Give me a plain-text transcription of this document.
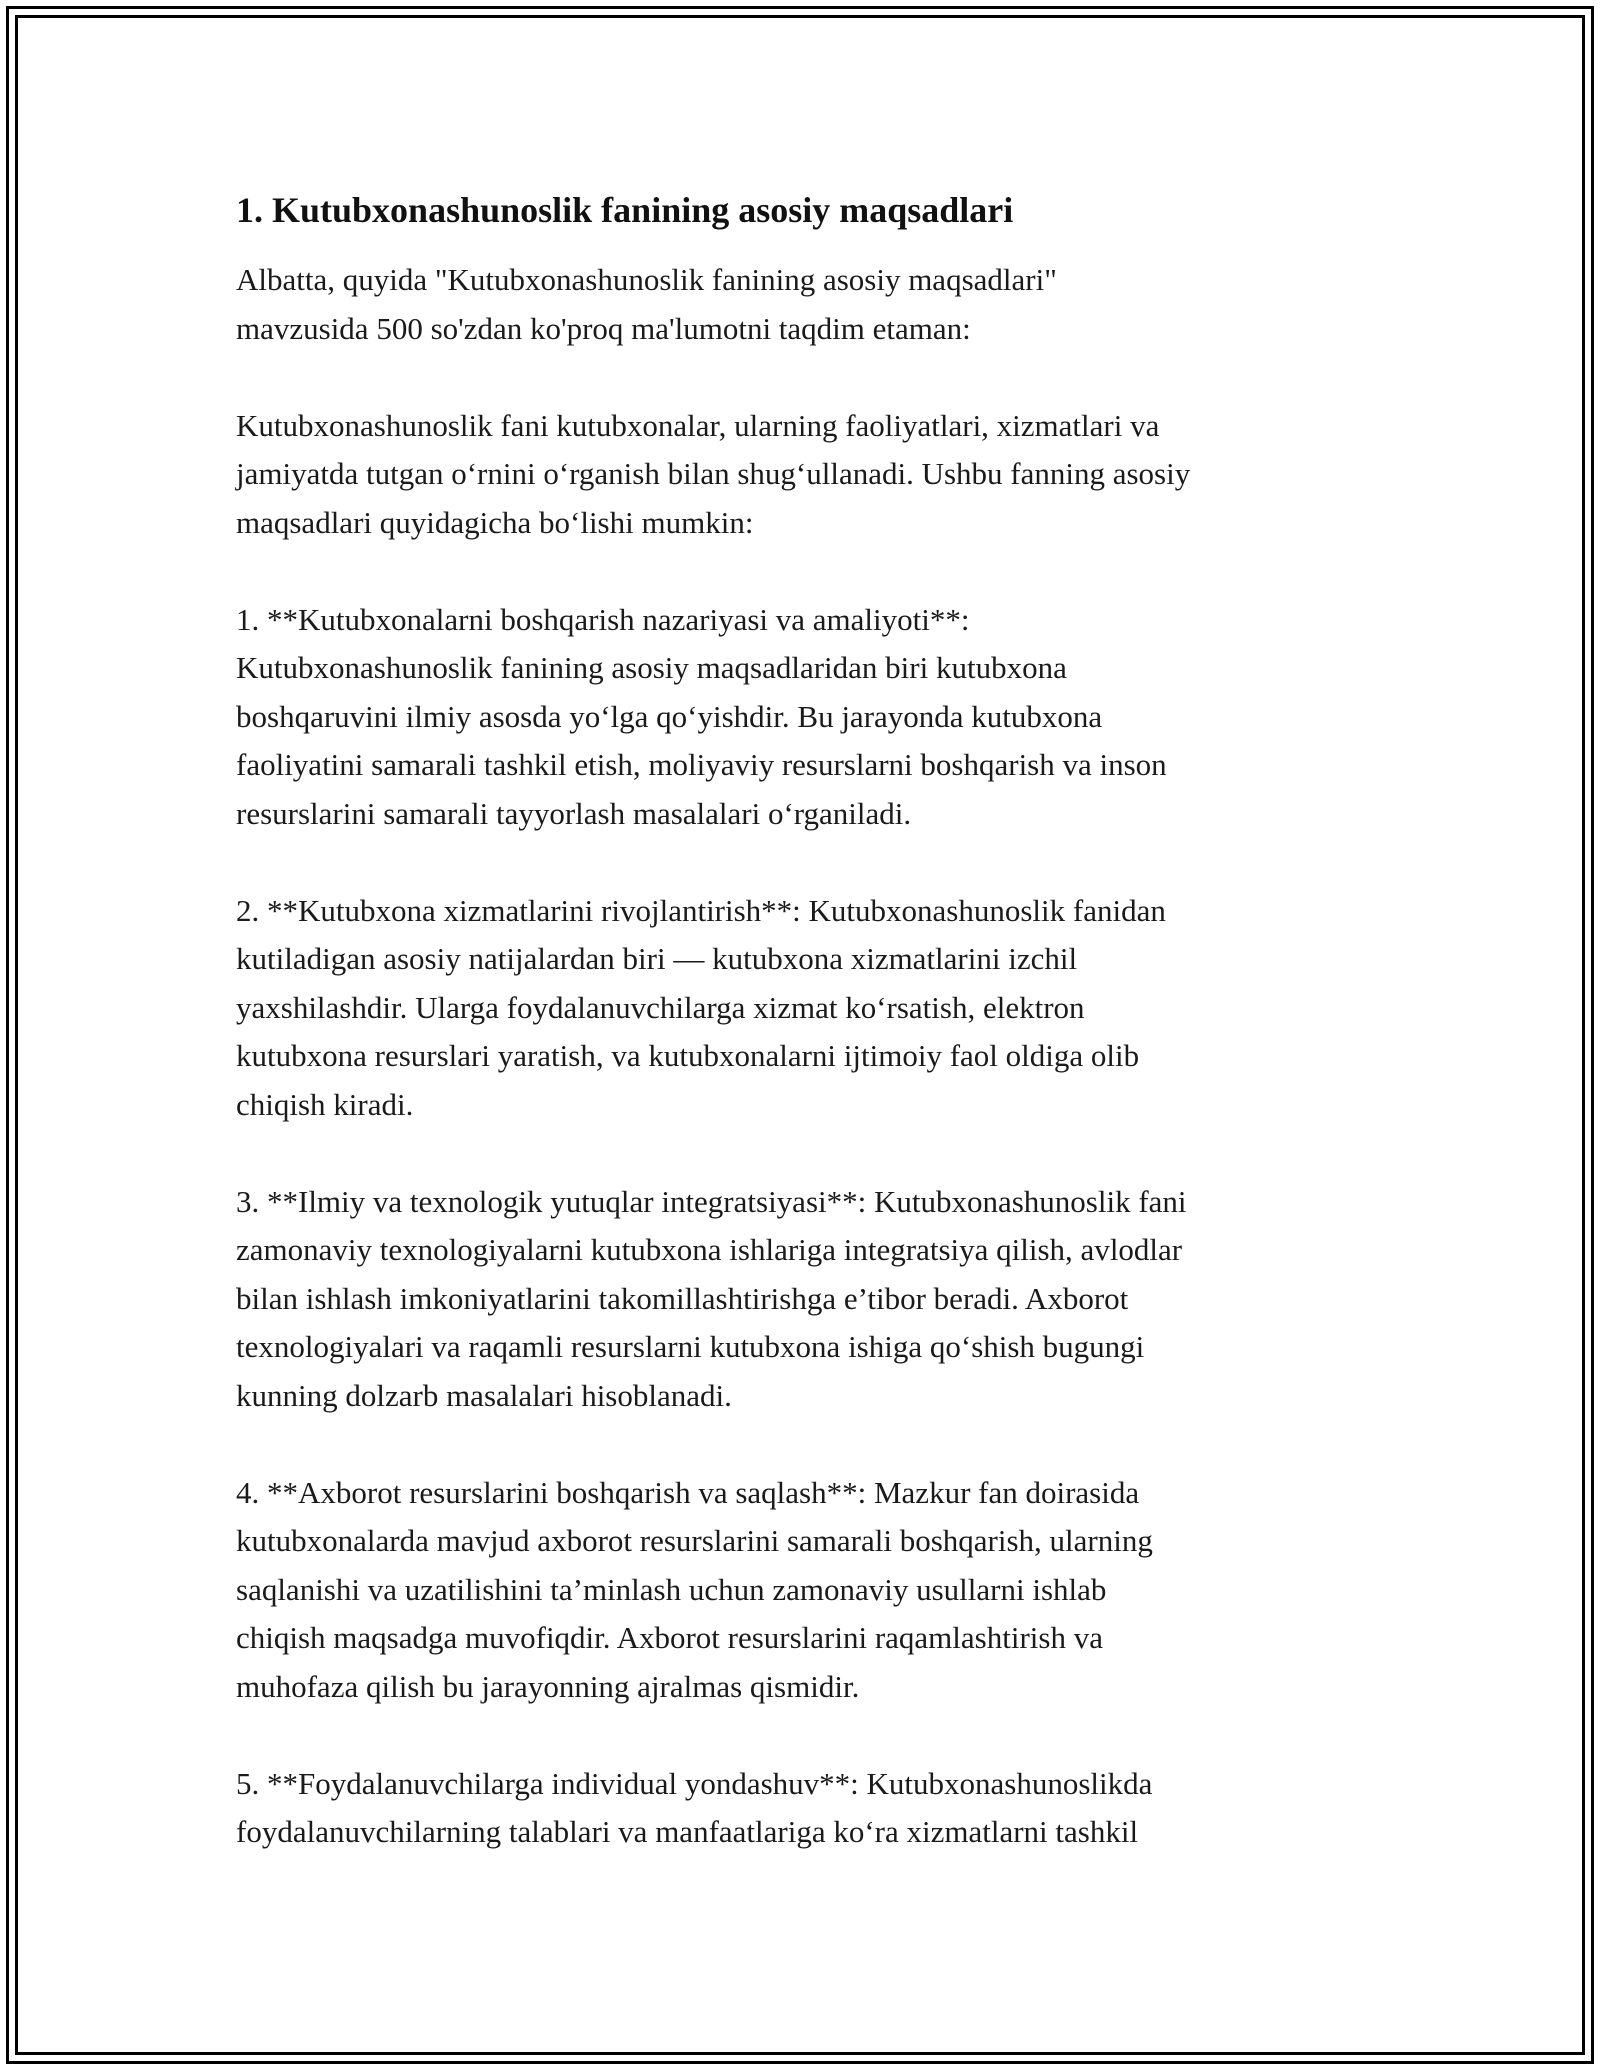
1. Kutubxonashunoslik fanining asosiy maqsadlari

Albatta, quyida "Kutubxonashunoslik fanining asosiy maqsadlari"
mavzusida 500 so'zdan ko'proq ma'lumotni taqdim etaman:

Kutubxonashunoslik fani kutubxonalar, ularning faoliyatlari, xizmatlari va
jamiyatda tutgan oʻrnini oʻrganish bilan shugʻullanadi. Ushbu fanning asosiy
maqsadlari quyidagicha boʻlishi mumkin:

1. **Kutubxonalarni boshqarish nazariyasi va amaliyoti**:
Kutubxonashunoslik fanining asosiy maqsadlaridan biri kutubxona
boshqaruvini ilmiy asosda yoʻlga qoʻyishdir. Bu jarayonda kutubxona
faoliyatini samarali tashkil etish, moliyaviy resurslarni boshqarish va inson
resurslarini samarali tayyorlash masalalari oʻrganiladi.

2. **Kutubxona xizmatlarini rivojlantirish**: Kutubxonashunoslik fanidan
kutiladigan asosiy natijalardan biri — kutubxona xizmatlarini izchil
yaxshilashdir. Ularga foydalanuvchilarga xizmat koʻrsatish, elektron
kutubxona resurslari yaratish, va kutubxonalarni ijtimoiy faol oldiga olib
chiqish kiradi.

3. **Ilmiy va texnologik yutuqlar integratsiyasi**: Kutubxonashunoslik fani
zamonaviy texnologiyalarni kutubxona ishlariga integratsiya qilish, avlodlar
bilan ishlash imkoniyatlarini takomillashtirishga e’tibor beradi. Axborot
texnologiyalari va raqamli resurslarni kutubxona ishiga qoʻshish bugungi
kunning dolzarb masalalari hisoblanadi.

4. **Axborot resurslarini boshqarish va saqlash**: Mazkur fan doirasida
kutubxonalarda mavjud axborot resurslarini samarali boshqarish, ularning
saqlanishi va uzatilishini ta’minlash uchun zamonaviy usullarni ishlab
chiqish maqsadga muvofiqdir. Axborot resurslarini raqamlashtirish va
muhofaza qilish bu jarayonning ajralmas qismidir.

5. **Foydalanuvchilarga individual yondashuv**: Kutubxonashunoslikda
foydalanuvchilarning talablari va manfaatlariga koʻra xizmatlarni tashkil
